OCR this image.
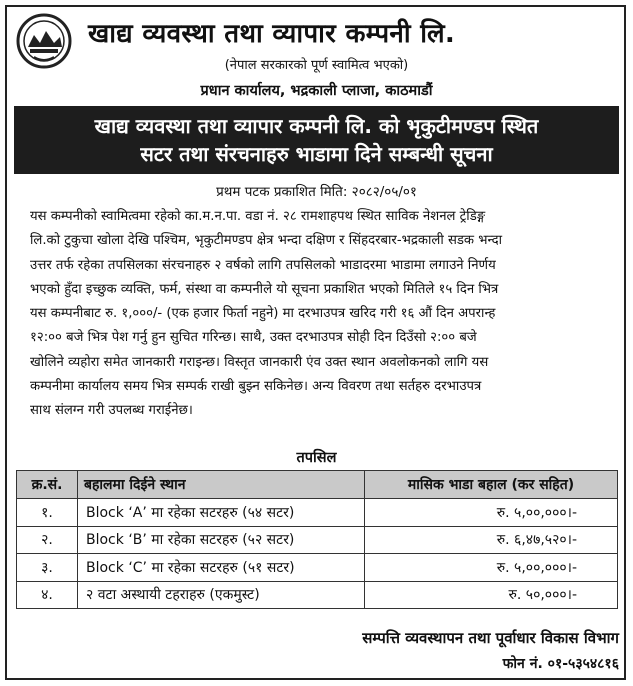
खाद्य व्यवस्था तथा व्यापार कम्पनी लि.
(नेपाल सरकारको पूर्ण स्वामित्व भएको)
प्रधान कार्यालय, भद्रकाली प्लाजा, काठमाडौं
खाद्य व्यवस्था तथा व्यापार कम्पनी लि. को भृकुटीमण्डप स्थित
सटर तथा संरचनाहरु भाडामा दिने सम्बन्धी सूचना
प्रथम पटक प्रकाशित मिति: २०८२/०५/०१
यस कम्पनीको स्वामित्वमा रहेको का.म.न.पा. वडा नं. २८ रामशाहपथ स्थित साविक नेशनल ट्रेडिङ्ग
लि.को टुकुचा खोला देखि पश्चिम, भृकुटीमण्डप क्षेत्र भन्दा दक्षिण र सिंहदरबार-भद्रकाली सडक भन्दा
उत्तर तर्फ रहेका तपसिलका संरचनाहरु २ वर्षको लागि तपसिलको भाडादरमा भाडामा लगाउने निर्णय
भएको हुँदा इच्छुक व्यक्ति, फर्म, संस्था वा कम्पनीले यो सूचना प्रकाशित भएको मितिले १५ दिन भित्र
यस कम्पनीबाट रु. १,०००/- (एक हजार फिर्ता नहुने) मा दरभाउपत्र खरिद गरी १६ औं दिन अपरान्ह
१२:०० बजे भित्र पेश गर्नु हुन सुचित गरिन्छ। साथै, उक्त दरभाउपत्र सोही दिन दिउँसो २:०० बजे
खोलिने व्यहोरा समेत जानकारी गराइन्छ। विस्तृत जानकारी एंव उक्त स्थान अवलोकनको लागि यस
कम्पनीमा कार्यालय समय भित्र सम्पर्क राखी बुझ्न सकिनेछ। अन्य विवरण तथा सर्तहरु दरभाउपत्र
साथ संलग्न गरी उपलब्ध गराईनेछ।
तपसिल
क्र.सं.	बहालमा दिईने स्थान	मासिक भाडा बहाल (कर सहित)
१.	Block ‘A’ मा रहेका सटरहरु (५४ सटर)	रु. ५,००,०००।-
२.	Block ‘B’ मा रहेका सटरहरु (५२ सटर)	रु. ६,४७,५२०।-
३.	Block ‘C’ मा रहेका सटरहरु (५१ सटर)	रु. ५,००,०००।-
४.	२ वटा अस्थायी टहराहरु (एकमुस्ट)	रु. ५०,०००।-
सम्पत्ति व्यवस्थापन तथा पूर्वाधार विकास विभाग
फोन नं. ०१-५३५४८१६
